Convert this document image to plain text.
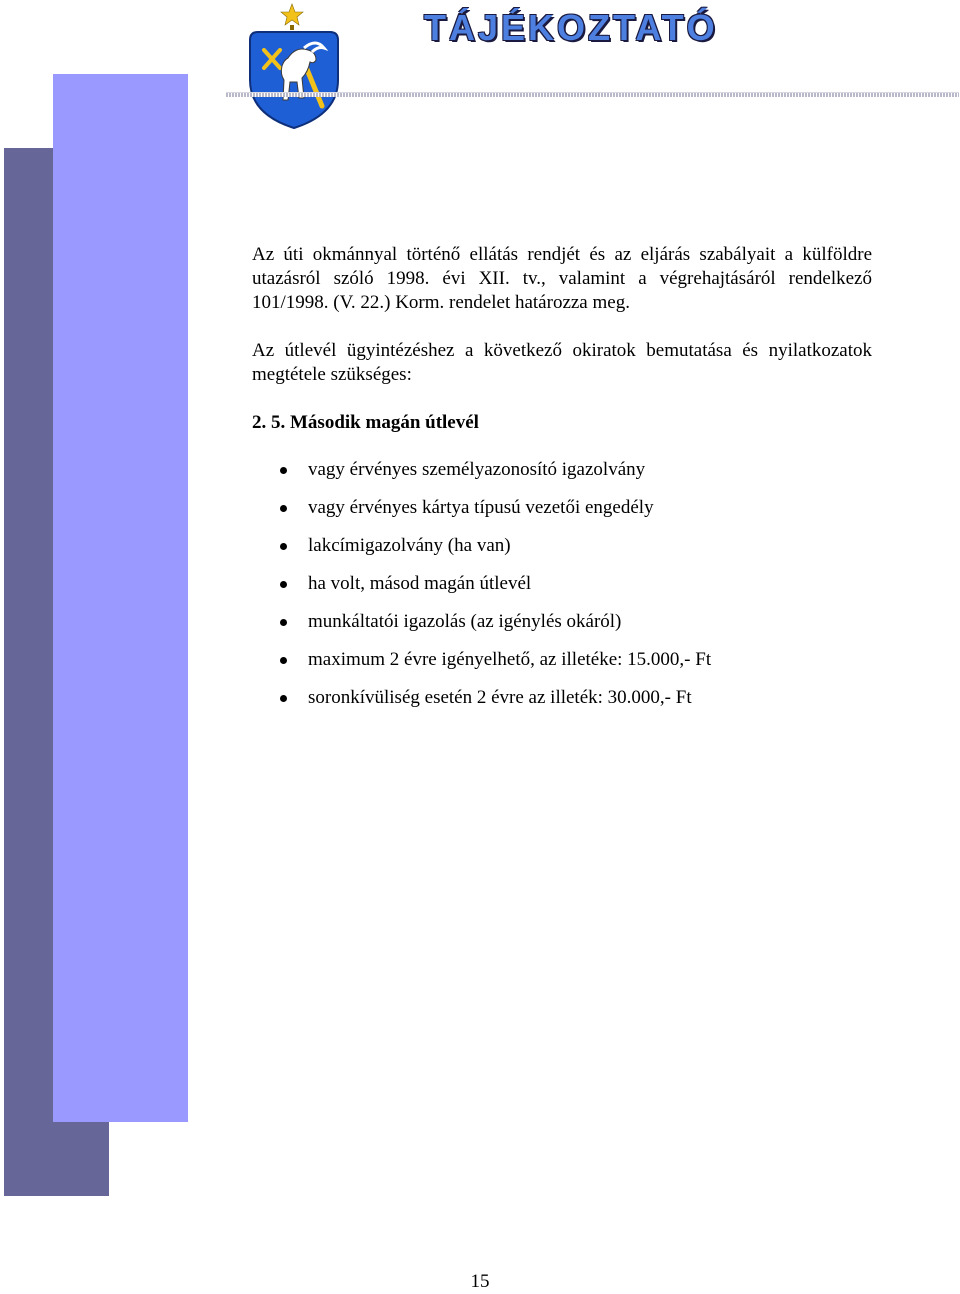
TÁJÉKOZTATÓ

Az úti okmánnyal történő ellátás rendjét és az eljárás szabályait a külföldre utazásról szóló 1998. évi XII. tv., valamint a végrehajtásáról rendelkező 101/1998. (V. 22.) Korm. rendelet határozza meg.

Az útlevél ügyintézéshez a következő okiratok bemutatása és nyilatkozatok megtétele szükséges:

2. 5. Második magán útlevél

vagy érvényes személyazonosító igazolvány
vagy érvényes kártya típusú vezetői engedély
lakcímigazolvány (ha van)
ha volt, másod magán útlevél
munkáltatói igazolás (az igénylés okáról)
maximum 2 évre igényelhető, az illetéke: 15.000,- Ft
soronkívüliség esetén 2 évre az illeték: 30.000,- Ft
15
